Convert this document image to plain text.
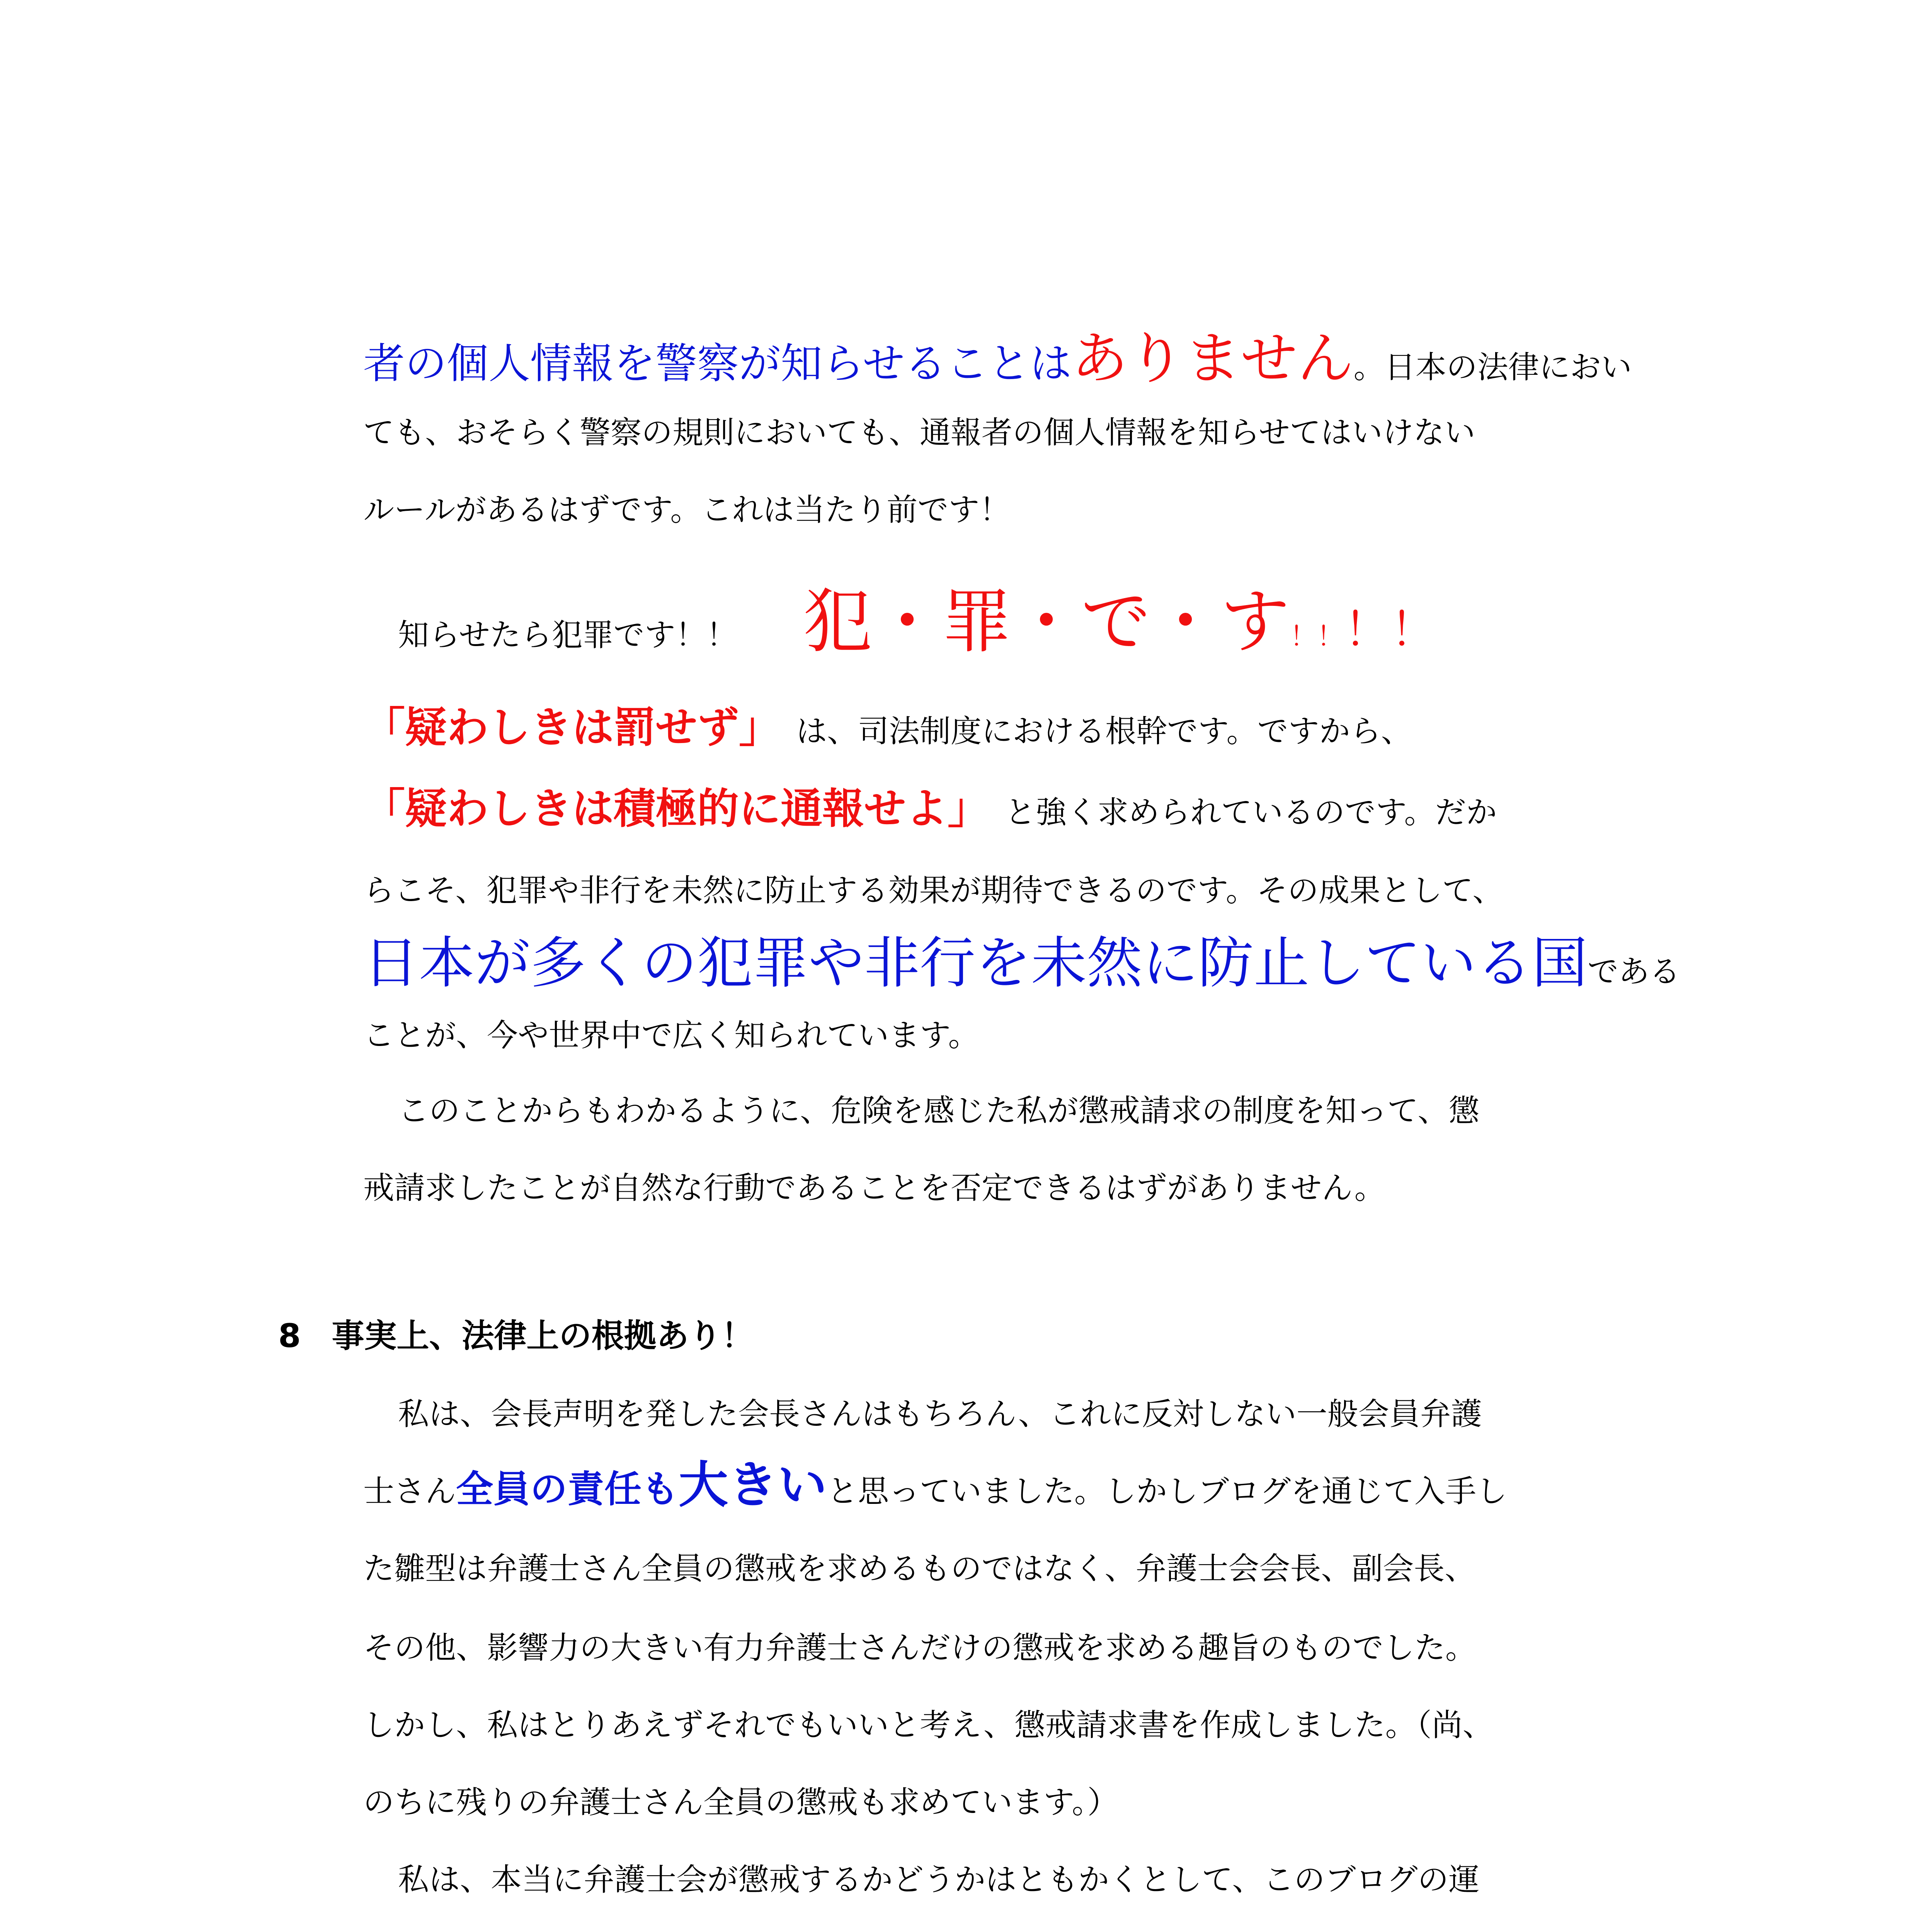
者の個人情報を警察が知らせることはありません。日本の法律におい
ても、おそらく警察の規則においても、通報者の個人情報を知らせてはいけない
ルールがあるはずです。これは当たり前です！
知らせたら犯罪です！！ 犯・罪・で・す！！！！
「疑わしきは罰せず」 は、司法制度における根幹です。ですから、
「疑わしきは積極的に通報せよ」 と強く求められているのです。だか
らこそ、犯罪や非行を未然に防止する効果が期待できるのです。その成果として、
日本が多くの犯罪や非行を未然に防止している国である
ことが、今や世界中で広く知られています。
このことからもわかるように、危険を感じた私が懲戒請求の制度を知って、懲
戒請求したことが自然な行動であることを否定できるはずがありません。
8 事実上、法律上の根拠あり！
私は、会長声明を発した会長さんはもちろん、これに反対しない一般会員弁護
士さん全員の責任も大きいと思っていました。しかしブログを通じて入手し
た雛型は弁護士さん全員の懲戒を求めるものではなく、弁護士会会長、副会長、
その他、影響力の大きい有力弁護士さんだけの懲戒を求める趣旨のものでした。
しかし、私はとりあえずそれでもいいと考え、懲戒請求書を作成しました。（尚、
のちに残りの弁護士さん全員の懲戒も求めています。）
私は、本当に弁護士会が懲戒するかどうかはともかくとして、このブログの運
